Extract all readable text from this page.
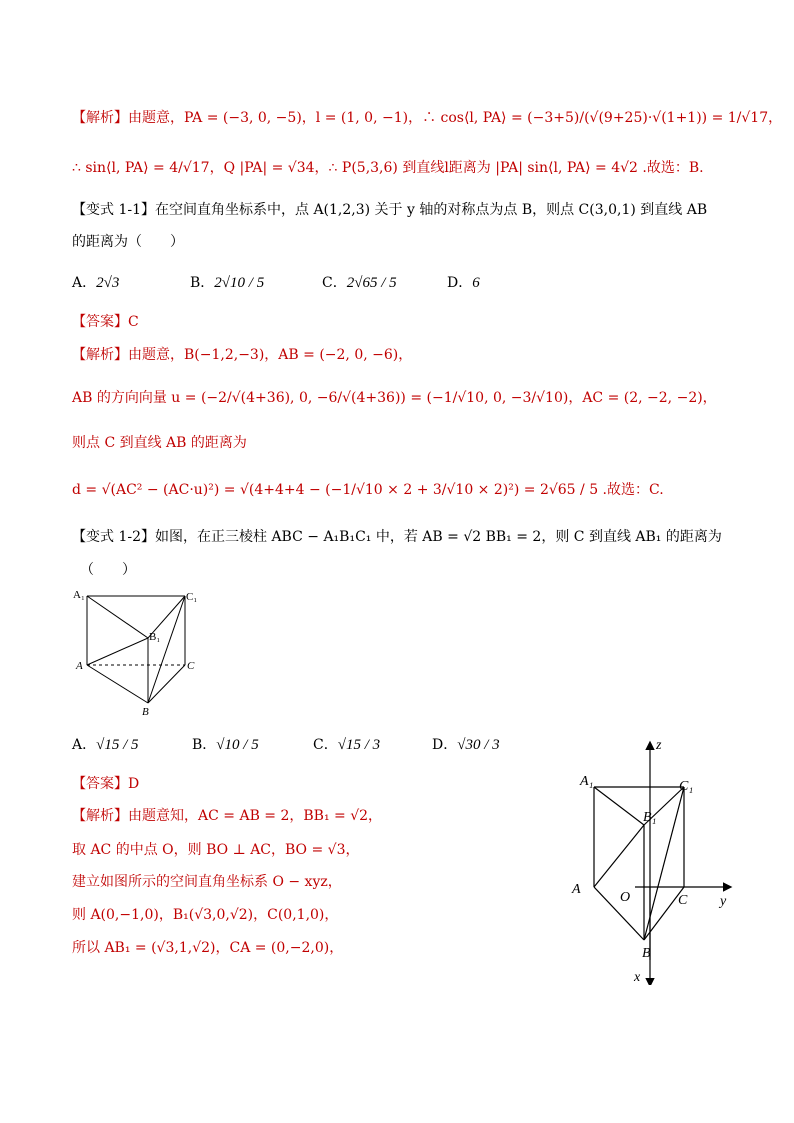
【解析】由题意，PA = (−3, 0, −5)，l = (1, 0, −1)，∴ cos⟨l, PA⟩ = (−3+5)/(√(9+25)·√(1+1)) = 1/√17，
∴ sin⟨l, PA⟩ = 4/√17，Q |PA| = √34，∴ P(5,3,6) 到直线l距离为 |PA| sin⟨l, PA⟩ = 4√2 .故选：B.
【变式 1-1】在空间直角坐标系中，点 A(1,2,3) 关于 y 轴的对称点为点 B，则点 C(3,0,1) 到直线 AB
的距离为（　　）
A．2√3	B．2√10 / 5	C．2√65 / 5	D．6
【答案】C
【解析】由题意，B(−1,2,−3)，AB = (−2, 0, −6)，
AB 的方向向量 u = (−2/√(4+36), 0, −6/√(4+36)) = (−1/√10, 0, −3/√10)，AC = (2, −2, −2)，
则点 C 到直线 AB 的距离为
d = √(AC² − (AC·u)²) = √(4+4+4 − (−1/√10 × 2 + 3/√10 × 2)²) = 2√65 / 5 .故选：C.
【变式 1-2】如图，在正三棱柱 ABC − A₁B₁C₁ 中，若 AB = √2 BB₁ = 2，则 C 到直线 AB₁ 的距离为
（　　）
A₁	C₁
B₁
A	C
B
A．√15 / 5	B．√10 / 5	C．√15 / 3	D．√30 / 3
【答案】D
【解析】由题意知，AC = AB = 2，BB₁ = √2，
取 AC 的中点 O，则 BO ⊥ AC，BO = √3，
建立如图所示的空间直角坐标系 O − xyz，
则 A(0,−1,0)，B₁(√3,0,√2)，C(0,1,0)，
所以 AB₁ = (√3,1,√2)，CA = (0,−2,0)，
z
A₁	C₁
B₁
A
O	C y
B
x
